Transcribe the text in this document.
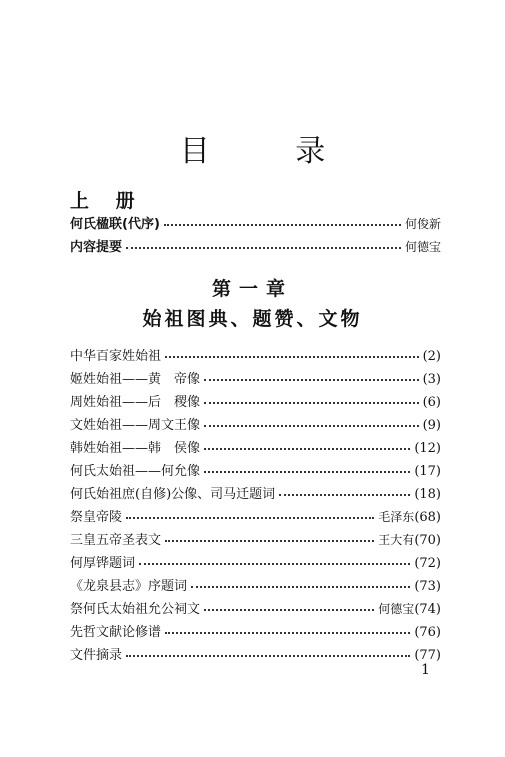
目 录
上 册
何氏楹联(代序)	何俊新
内容提要	何德宝
第一章
始祖图典、题赞、文物
中华百家姓始祖	(2)
姬姓始祖——黄　帝像	(3)
周姓始祖——后　稷像	(6)
文姓始祖——周文王像	(9)
韩姓始祖——韩　侯像	(12)
何氏太始祖——何允像	(17)
何氏始祖庶(自修)公像、司马迁题词	(18)
祭皇帝陵	毛泽东 (68)
三皇五帝圣表文	王大有 (70)
何厚铧题词	(72)
《龙泉县志》序题词	(73)
祭何氏太始祖允公祠文	何德宝 (74)
先哲文献论修谱	(76)
文件摘录	(77)
1
